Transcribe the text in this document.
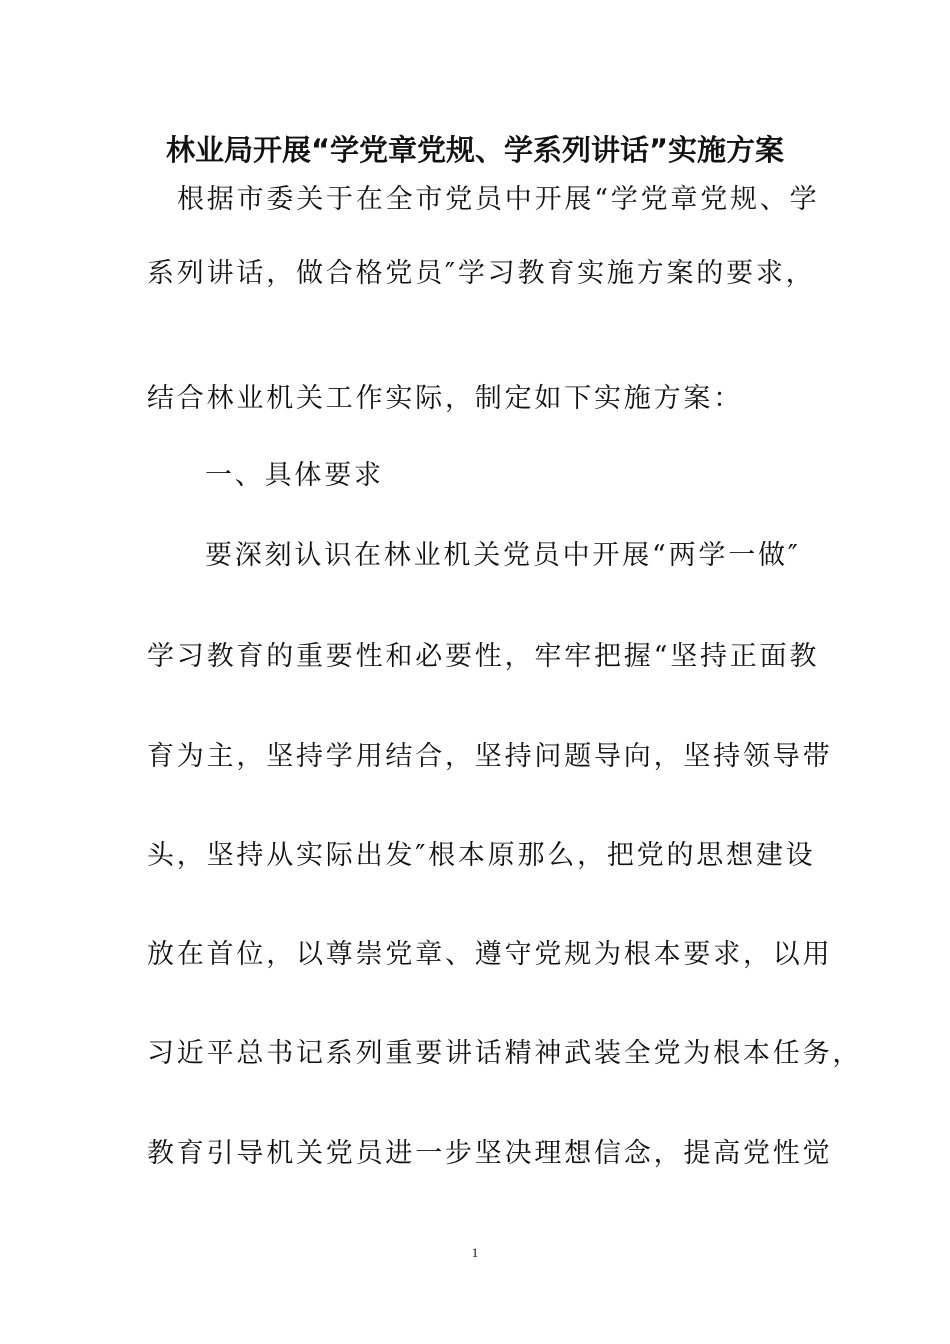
林业局开展“学党章党规、学系列讲话”实施方案
根据市委关于在全市党员中开展“学党章党规、学
系列讲话，做合格党员″学习教育实施方案的要求，
结合林业机关工作实际，制定如下实施方案：
一、具体要求
要深刻认识在林业机关党员中开展“两学一做″
学习教育的重要性和必要性，牢牢把握“坚持正面教
育为主，坚持学用结合，坚持问题导向，坚持领导带
头，坚持从实际出发″根本原那么，把党的思想建设
放在首位，以尊崇党章、遵守党规为根本要求，以用
习近平总书记系列重要讲话精神武装全党为根本任务，
教育引导机关党员进一步坚决理想信念，提高党性觉
1
